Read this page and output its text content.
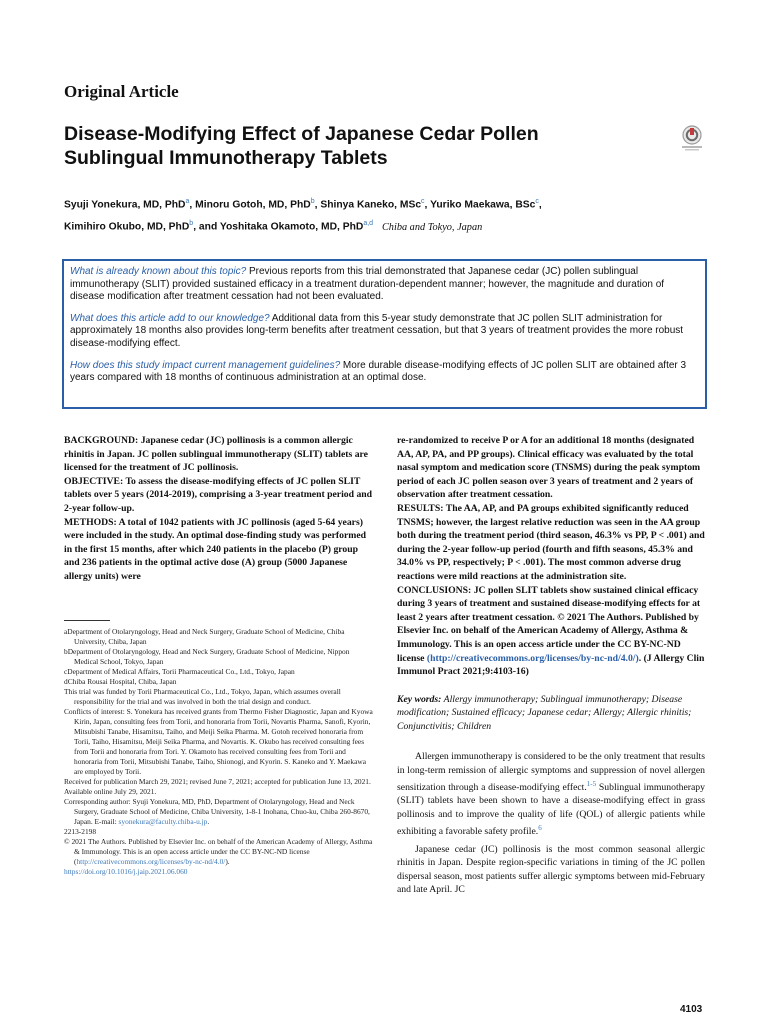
Original Article
Disease-Modifying Effect of Japanese Cedar Pollen
Sublingual Immunotherapy Tablets
Syuji Yonekura, MD, PhD$^a$, Minoru Gotoh, MD, PhD$^b$, Shinya Kaneko, MSc$^c$, Yuriko Maekawa, BSc$^c$,
Kimihiro Okubo, MD, PhD$^b$, and Yoshitaka Okamoto, MD, PhD$^{a,d}$ Chiba and Tokyo, Japan

What is already known about this topic? Previous reports from this trial demonstrated that Japanese cedar (JC) pollen sublingual immunotherapy (SLIT) provided sustained efficacy in a treatment duration-dependent manner; however, the magnitude and duration of disease modification after treatment cessation had not been evaluated.

What does this article add to our knowledge? Additional data from this 5-year study demonstrate that JC pollen SLIT administration for approximately 18 months also provides long-term benefits after treatment cessation, but that 3 years of treatment provides the more robust disease-modifying effect.

How does this study impact current management guidelines? More durable disease-modifying effects of JC pollen SLIT are obtained after 3 years compared with 18 months of continuous administration at an optimal dose.

BACKGROUND: Japanese cedar (JC) pollinosis is a common allergic rhinitis in Japan. JC pollen sublingual immunotherapy (SLIT) tablets are licensed for the treatment of JC pollinosis.

OBJECTIVE: To assess the disease-modifying effects of JC pollen SLIT tablets over 5 years (2014-2019), comprising a 3-year treatment period and 2-year follow-up.

METHODS: A total of 1042 patients with JC pollinosis (aged 5-64 years) were included in the study. An optimal dose-finding study was performed in the first 15 months, after which 240 patients in the placebo (P) group and 236 patients in the optimal active dose (A) group (5000 Japanese allergy units) were

aDepartment of Otolaryngology, Head and Neck Surgery, Graduate School of Medicine, Chiba University, Chiba, Japan

bDepartment of Otolaryngology, Head and Neck Surgery, Graduate School of Medicine, Nippon Medical School, Tokyo, Japan

cDepartment of Medical Affairs, Torii Pharmaceutical Co., Ltd., Tokyo, Japan

dChiba Rousai Hospital, Chiba, Japan

This trial was funded by Torii Pharmaceutical Co., Ltd., Tokyo, Japan, which assumes overall responsibility for the trial and was involved in both the trial design and conduct.

Conflicts of interest: S. Yonekura has received grants from Thermo Fisher Diagnostic, Japan and Kyowa Kirin, Japan, consulting fees from Torii, and honoraria from Torii, Novartis Pharma, Sanofi, Kyorin, Mitsubishi Tanabe, Hisamitsu, Taiho, and Meiji Seika Pharma. M. Gotoh received honoraria from Torii, Taiho, Hisamitsu, Meiji Seika Pharma, and Novartis. K. Okubo has received consulting fees from Torii and honoraria from Tori. Y. Okamoto has received consulting fees from Torii and honoraria from Torii, Mitsubishi Tanabe, Taiho, Shionogi, and Kyorin. S. Kaneko and Y. Maekawa are employed by Torii.

Received for publication March 29, 2021; revised June 7, 2021; accepted for publication June 13, 2021.

Available online July 29, 2021.

Corresponding author: Syuji Yonekura, MD, PhD, Department of Otolaryngology, Head and Neck Surgery, Graduate School of Medicine, Chiba University, 1-8-1 Inohana, Chuo-ku, Chiba 260-8670, Japan. E-mail: syonekura@faculty.chiba-u.jp.

2213-2198

© 2021 The Authors. Published by Elsevier Inc. on behalf of the American Academy of Allergy, Asthma & Immunology. This is an open access article under the CC BY-NC-ND license (http://creativecommons.org/licenses/by-nc-nd/4.0/).

https://doi.org/10.1016/j.jaip.2021.06.060

re-randomized to receive P or A for an additional 18 months (designated AA, AP, PA, and PP groups). Clinical efficacy was evaluated by the total nasal symptom and medication score (TNSMS) during the peak symptom period of each JC pollen season over 3 years of treatment and 2 years of observation after treatment cessation.

RESULTS: The AA, AP, and PA groups exhibited significantly reduced TNSMS; however, the largest relative reduction was seen in the AA group both during the treatment period (third season, 46.3% vs PP, P < .001) and during the 2-year follow-up period (fourth and fifth seasons, 45.3% and 34.0% vs PP, respectively; P < .001). The most common adverse drug reactions were mild reactions at the administration site.

CONCLUSIONS: JC pollen SLIT tablets show sustained clinical efficacy during 3 years of treatment and sustained disease-modifying effects for at least 2 years after treatment cessation. © 2021 The Authors. Published by Elsevier Inc. on behalf of the American Academy of Allergy, Asthma & Immunology. This is an open access article under the CC BY-NC-ND license (http://creativecommons.org/licenses/by-nc-nd/4.0/). (J Allergy Clin Immunol Pract 2021;9:4103-16)

Key words: Allergy immunotherapy; Sublingual immunotherapy; Disease modification; Sustained efficacy; Japanese cedar; Allergy; Allergic rhinitis; Conjunctivitis; Children

Allergen immunotherapy is considered to be the only treatment that results in long-term remission of allergic symptoms and suppression of novel allergen sensitization through a disease-modifying effect.$^{1-5}$ Sublingual immunotherapy (SLIT) tablets have been shown to have a disease-modifying effect in grass pollinosis and to improve the quality of life (QOL) of allergic patients while exhibiting a favorable safety profile.$^6$

Japanese cedar (JC) pollinosis is the most common seasonal allergic rhinitis in Japan. Despite region-specific variations in timing of the JC pollen dispersal season, most patients suffer allergic symptoms between mid-February and late April. JC

4103
